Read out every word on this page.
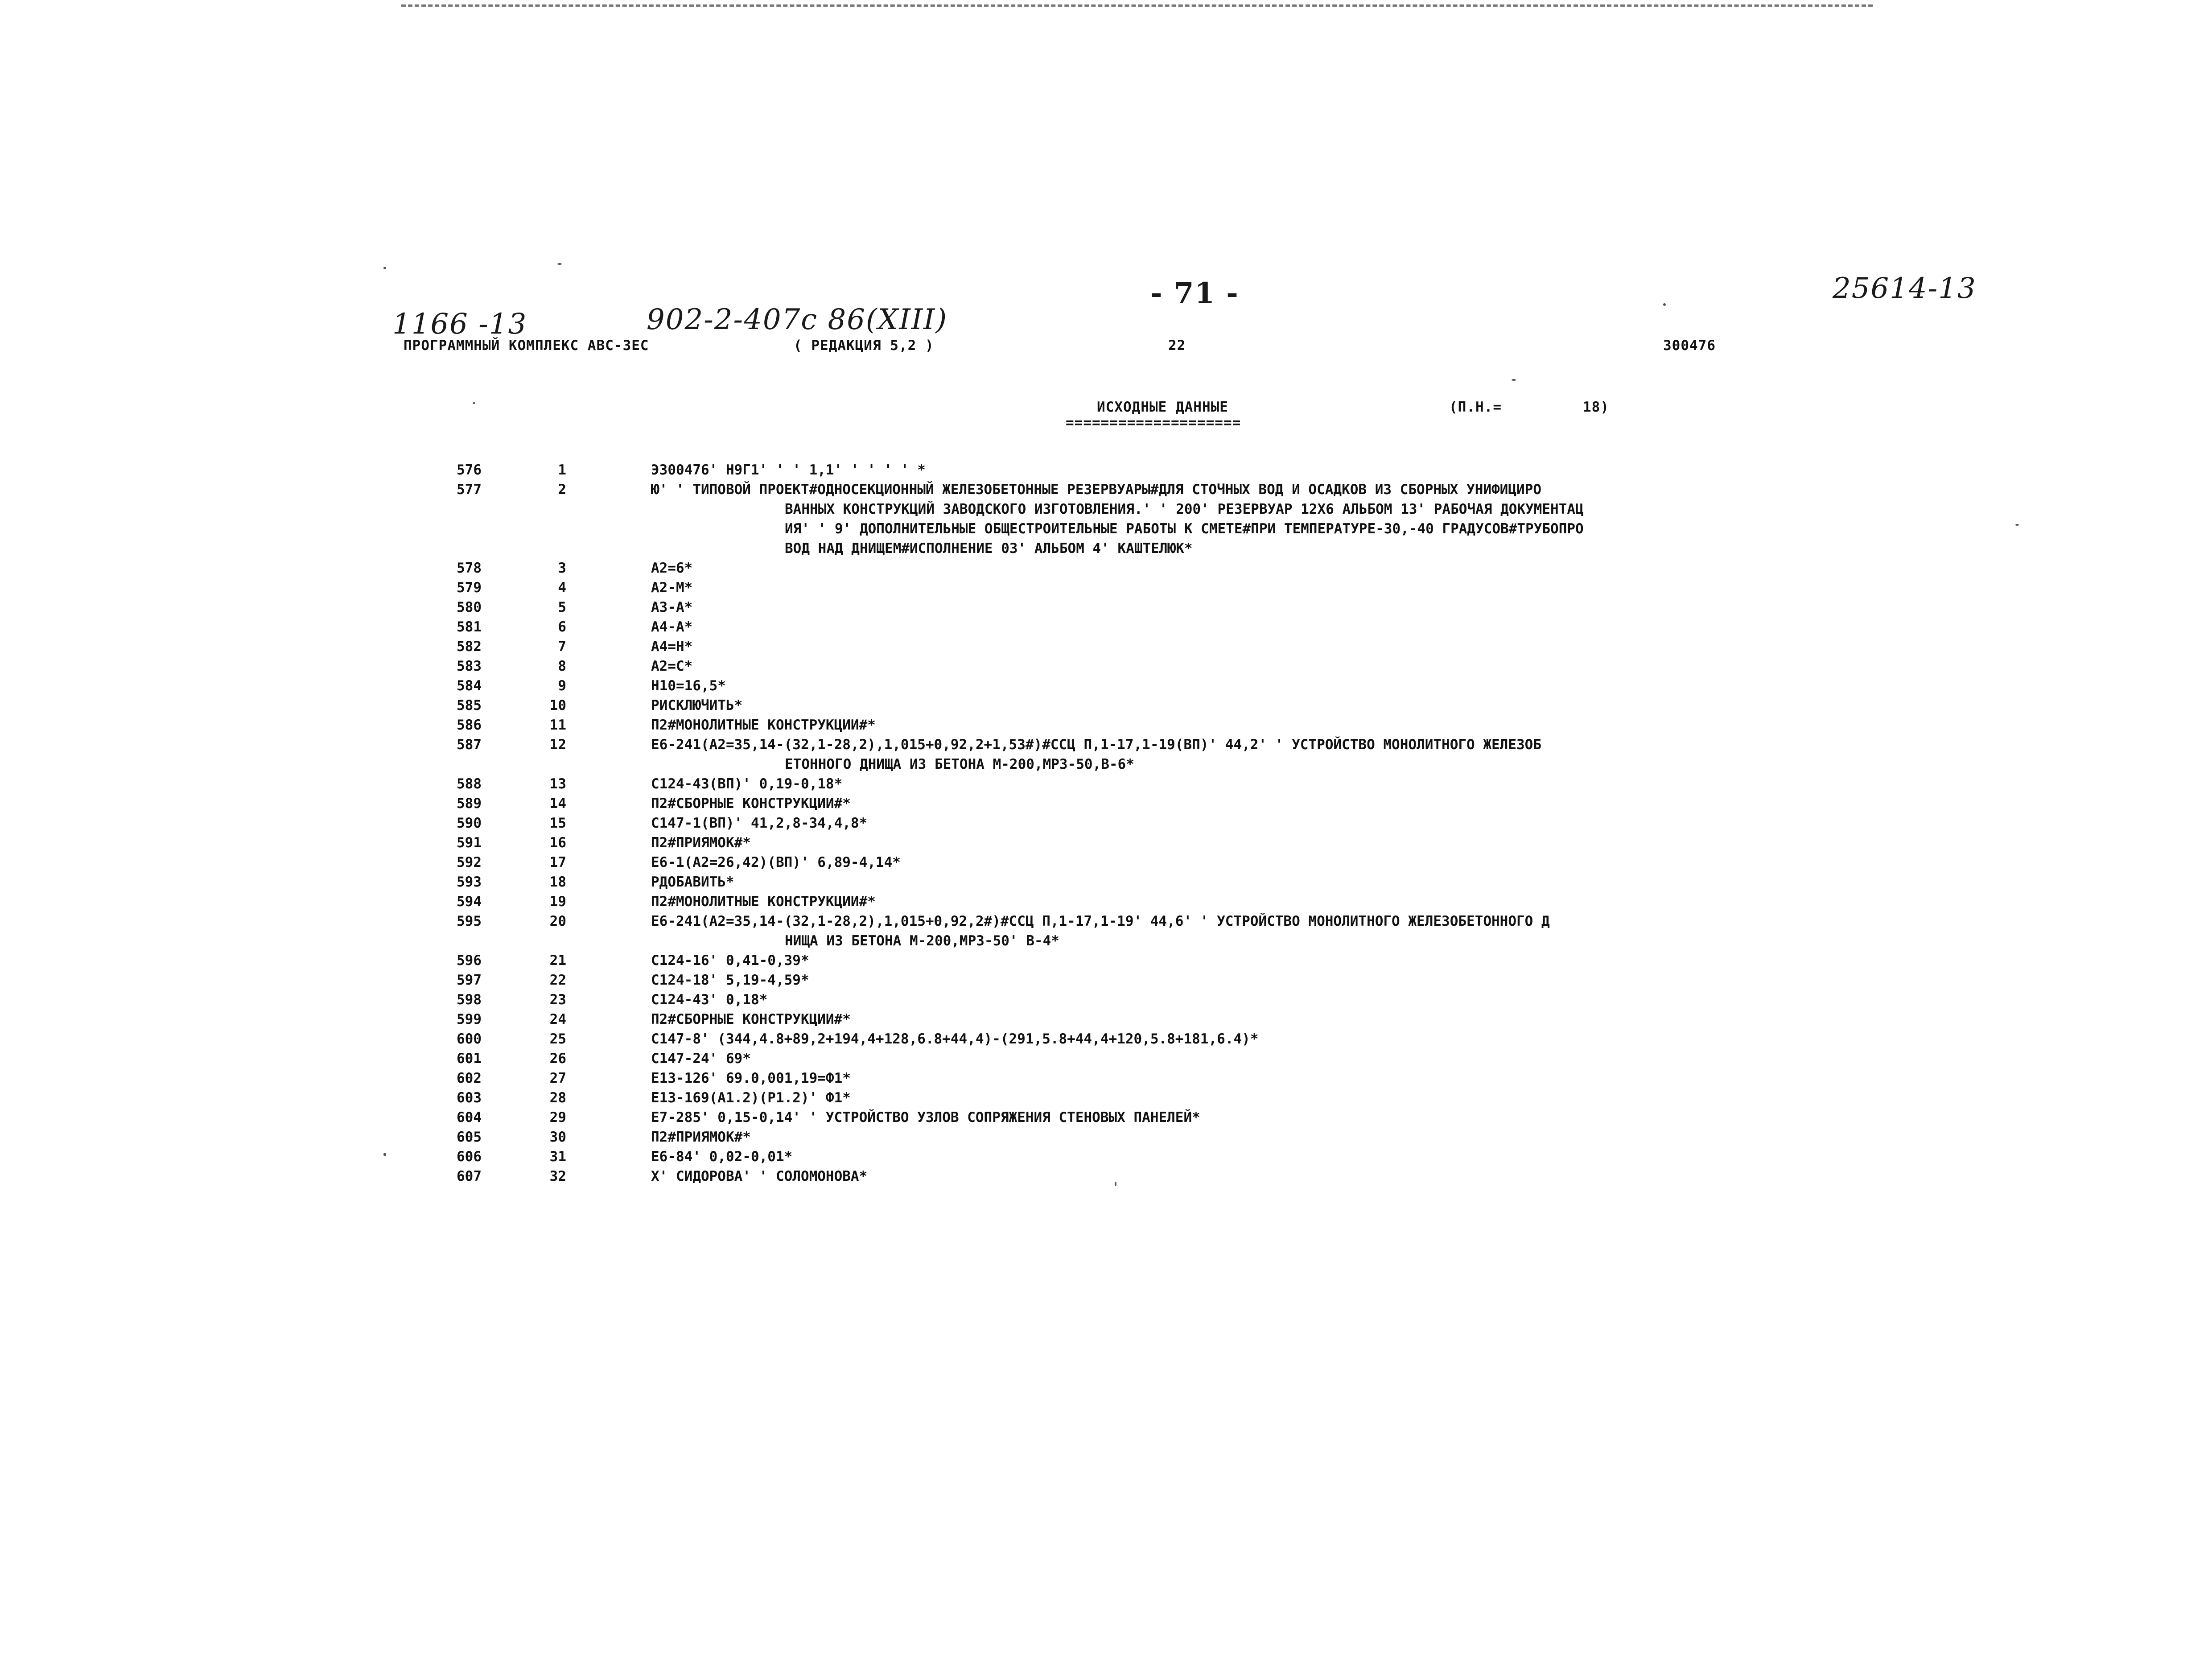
1166 -13	902-2-407с 86(XIII)
- 71 -	25614-13
ПРОГРАММНЫЙ КОМПЛЕКС АВС-3ЕС	( РЕДАКЦИЯ 5,2 )	22	300476
ИСХОДНЫЕ ДАННЫЕ
====================
(П.Н.=	18)
576	1	Э300476' Н9Г1' ' ' 1,1' ' ' ' ' *
577	2	Ю' ' ТИПОВОЙ ПРОЕКТ#ОДНОСЕКЦИОННЫЙ ЖЕЛЕЗОБЕТОННЫЕ РЕЗЕРВУАРЫ#ДЛЯ СТОЧНЫХ ВОД И ОСАДКОВ ИЗ СБОРНЫХ УНИФИЦИРО
ВАННЫХ КОНСТРУКЦИЙ ЗАВОДСКОГО ИЗГОТОВЛЕНИЯ.' ' 200' РЕЗЕРВУАР 12Х6 АЛЬБОМ 13' РАБОЧАЯ ДОКУМЕНТАЦ
ИЯ' ' 9' ДОПОЛНИТЕЛЬНЫЕ ОБЩЕСТРОИТЕЛЬНЫЕ РАБОТЫ К СМЕТЕ#ПРИ ТЕМПЕРАТУРЕ-30,-40 ГРАДУСОВ#ТРУБОПРО
ВОД НАД ДНИЩЕМ#ИСПОЛНЕНИЕ 03' АЛЬБОМ 4' КАШТЕЛЮК*
578	3	А2=6*
579	4	А2-М*
580	5	А3-А*
581	6	А4-А*
582	7	А4=Н*
583	8	А2=С*
584	9	Н10=16,5*
585	10	РИСКЛЮЧИТЬ*
586	11	П2#МОНОЛИТНЫЕ КОНСТРУКЦИИ#*
587	12	Е6-241(А2=35,14-(32,1-28,2),1,015+0,92,2+1,53#)#ССЦ П,1-17,1-19(ВП)' 44,2' ' УСТРОЙСТВО МОНОЛИТНОГО ЖЕЛЕЗОБ
ЕТОННОГО ДНИЩА ИЗ БЕТОНА М-200,МРЗ-50,В-6*
588	13	С124-43(ВП)' 0,19-0,18*
589	14	П2#СБОРНЫЕ КОНСТРУКЦИИ#*
590	15	С147-1(ВП)' 41,2,8-34,4,8*
591	16	П2#ПРИЯМОК#*
592	17	Е6-1(А2=26,42)(ВП)' 6,89-4,14*
593	18	РДОБАВИТЬ*
594	19	П2#МОНОЛИТНЫЕ КОНСТРУКЦИИ#*
595	20	Е6-241(А2=35,14-(32,1-28,2),1,015+0,92,2#)#ССЦ П,1-17,1-19' 44,6' ' УСТРОЙСТВО МОНОЛИТНОГО ЖЕЛЕЗОБЕТОННОГО Д
НИЩА ИЗ БЕТОНА М-200,МРЗ-50' В-4*
596	21	С124-16' 0,41-0,39*
597	22	С124-18' 5,19-4,59*
598	23	С124-43' 0,18*
599	24	П2#СБОРНЫЕ КОНСТРУКЦИИ#*
600	25	С147-8' (344,4.8+89,2+194,4+128,6.8+44,4)-(291,5.8+44,4+120,5.8+181,6.4)*
601	26	С147-24' 69*
602	27	Е13-126' 69.0,001,19=Ф1*
603	28	Е13-169(А1.2)(Р1.2)' Ф1*
604	29	Е7-285' 0,15-0,14' ' УСТРОЙСТВО УЗЛОВ СОПРЯЖЕНИЯ СТЕНОВЫХ ПАНЕЛЕЙ*
605	30	П2#ПРИЯМОК#*
606	31	Е6-84' 0,02-0,01*
607	32	Х' СИДОРОВА' ' СОЛОМОНОВА*
